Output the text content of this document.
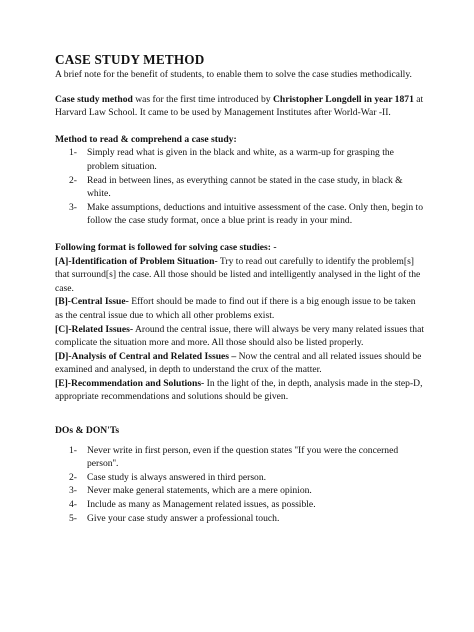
CASE STUDY METHOD

A brief note for the benefit of students, to enable them to solve the case studies methodically.

Case study method was for the first time introduced by Christopher Longdell in year 1871 at Harvard Law School. It came to be used by Management Institutes after World-War -II.

Method to read & comprehend a case study:

1-	Simply read what is given in the black and white, as a warm-up for grasping the problem situation.
2-	Read in between lines, as everything cannot be stated in the case study, in black & white.
3-	Make assumptions, deductions and intuitive assessment of the case. Only then, begin to follow the case study format, once a blue print is ready in your mind.

Following format is followed for solving case studies: -

[A]-Identification of Problem Situation- Try to read out carefully to identify the problem[s] that surround[s] the case. All those should be listed and intelligently analysed in the light of the case.

[B]-Central Issue- Effort should be made to find out if there is a big enough issue to be taken as the central issue due to which all other problems exist.

[C]-Related Issues- Around the central issue, there will always be very many related issues that complicate the situation more and more. All those should also be listed properly.

[D]-Analysis of Central and Related Issues – Now the central and all related issues should be examined and analysed, in depth to understand the crux of the matter.

[E]-Recommendation and Solutions- In the light of the, in depth, analysis made in the step-D, appropriate recommendations and solutions should be given.

DOs & DON'Ts

1-	Never write in first person, even if the question states ''If you were the concerned person''.
2-	Case study is always answered in third person.
3-	Never make general statements, which are a mere opinion.
4-	Include as many as Management related issues, as possible.
5-	Give your case study answer a professional touch.
